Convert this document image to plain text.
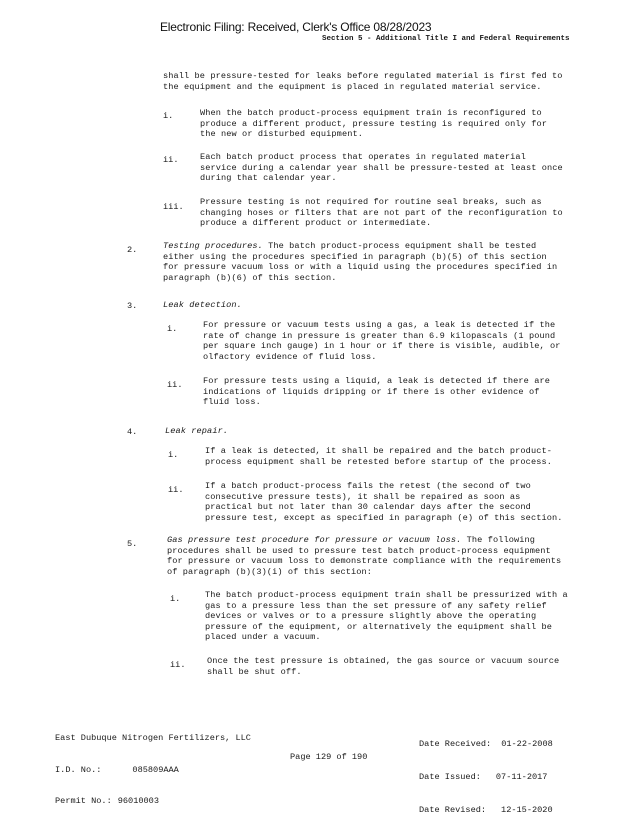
Electronic Filing: Received, Clerk's Office 08/28/2023
Section 5 - Additional Title I and Federal Requirements
shall be pressure-tested for leaks before regulated material is first fed to
the equipment and the equipment is placed in regulated material service.
i.	When the batch product-process equipment train is reconfigured to
produce a different product, pressure testing is required only for
the new or disturbed equipment.
ii.	Each batch product process that operates in regulated material
service during a calendar year shall be pressure-tested at least once
during that calendar year.
iii. Pressure testing is not required for routine seal breaks, such as
changing hoses or filters that are not part of the reconfiguration to
produce a different product or intermediate.
2.	Testing procedures. The batch product-process equipment shall be tested
either using the procedures specified in paragraph (b)(5) of this section
for pressure vacuum loss or with a liquid using the procedures specified in
paragraph (b)(6) of this section.
3.	Leak detection.
i.	For pressure or vacuum tests using a gas, a leak is detected if the
rate of change in pressure is greater than 6.9 kilopascals (1 pound
per square inch gauge) in 1 hour or if there is visible, audible, or
olfactory evidence of fluid loss.
ii. For pressure tests using a liquid, a leak is detected if there are
indications of liquids dripping or if there is other evidence of
fluid loss.
4.	Leak repair.
i.	If a leak is detected, it shall be repaired and the batch product-
process equipment shall be retested before startup of the process.
ii.	If a batch product-process fails the retest (the second of two
consecutive pressure tests), it shall be repaired as soon as
practical but not later than 30 calendar days after the second
pressure test, except as specified in paragraph (e) of this section.
5.	Gas pressure test procedure for pressure or vacuum loss. The following
procedures shall be used to pressure test batch product-process equipment
for pressure or vacuum loss to demonstrate compliance with the requirements
of paragraph (b)(3)(i) of this section:
i.	The batch product-process equipment train shall be pressurized with a
gas to a pressure less than the set pressure of any safety relief
devices or valves or to a pressure slightly above the operating
pressure of the equipment, or alternatively the equipment shall be
placed under a vacuum.
ii.	Once the test pressure is obtained, the gas source or vacuum source
shall be shut off.

East Dubuque Nitrogen Fertilizers, LLC

I.D. No.:	085809AAA

Permit No.: 96010003

Date Received: 01-22-2008

Date Issued: 07-11-2017

Date Revised: 12-15-2020

Page 129 of 190
